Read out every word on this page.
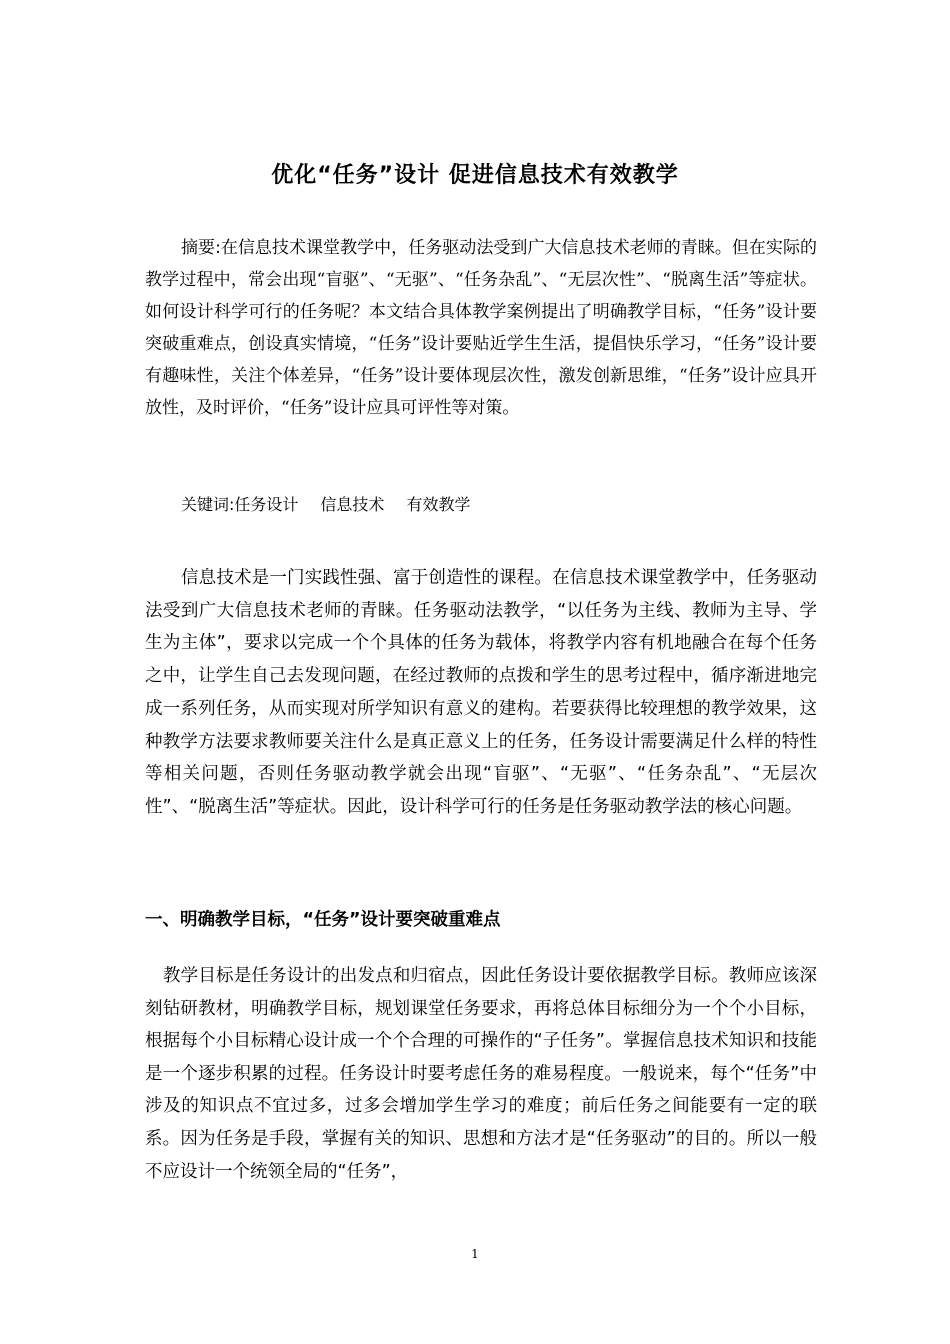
优化“任务”设计 促进信息技术有效教学
摘要:在信息技术课堂教学中，任务驱动法受到广大信息技术老师的青睐。但在实际的教学过程中，常会出现“盲驱”、“无驱”、“任务杂乱”、“无层次性”、“脱离生活”等症状。如何设计科学可行的任务呢？本文结合具体教学案例提出了明确教学目标，“任务”设计要突破重难点，创设真实情境，“任务”设计要贴近学生生活，提倡快乐学习，“任务”设计要有趣味性，关注个体差异，“任务”设计要体现层次性，激发创新思维，“任务”设计应具开放性，及时评价，“任务”设计应具可评性等对策。
关键词:任务设计 信息技术 有效教学
信息技术是一门实践性强、富于创造性的课程。在信息技术课堂教学中，任务驱动法受到广大信息技术老师的青睐。任务驱动法教学，“以任务为主线、教师为主导、学生为主体”，要求以完成一个个具体的任务为载体，将教学内容有机地融合在每个任务之中，让学生自己去发现问题，在经过教师的点拨和学生的思考过程中，循序渐进地完成一系列任务，从而实现对所学知识有意义的建构。若要获得比较理想的教学效果，这种教学方法要求教师要关注什么是真正意义上的任务，任务设计需要满足什么样的特性等相关问题，否则任务驱动教学就会出现“盲驱”、“无驱”、“任务杂乱”、“无层次性”、“脱离生活”等症状。因此，设计科学可行的任务是任务驱动教学法的核心问题。
一、明确教学目标，“任务”设计要突破重难点
教学目标是任务设计的出发点和归宿点，因此任务设计要依据教学目标。教师应该深刻钻研教材，明确教学目标，规划课堂任务要求，再将总体目标细分为一个个小目标，根据每个小目标精心设计成一个个合理的可操作的“子任务”。掌握信息技术知识和技能是一个逐步积累的过程。任务设计时要考虑任务的难易程度。一般说来，每个“任务”中涉及的知识点不宜过多，过多会增加学生学习的难度；前后任务之间能要有一定的联系。因为任务是手段，掌握有关的知识、思想和方法才是“任务驱动”的目的。所以一般不应设计一个统领全局的“任务”，
1
